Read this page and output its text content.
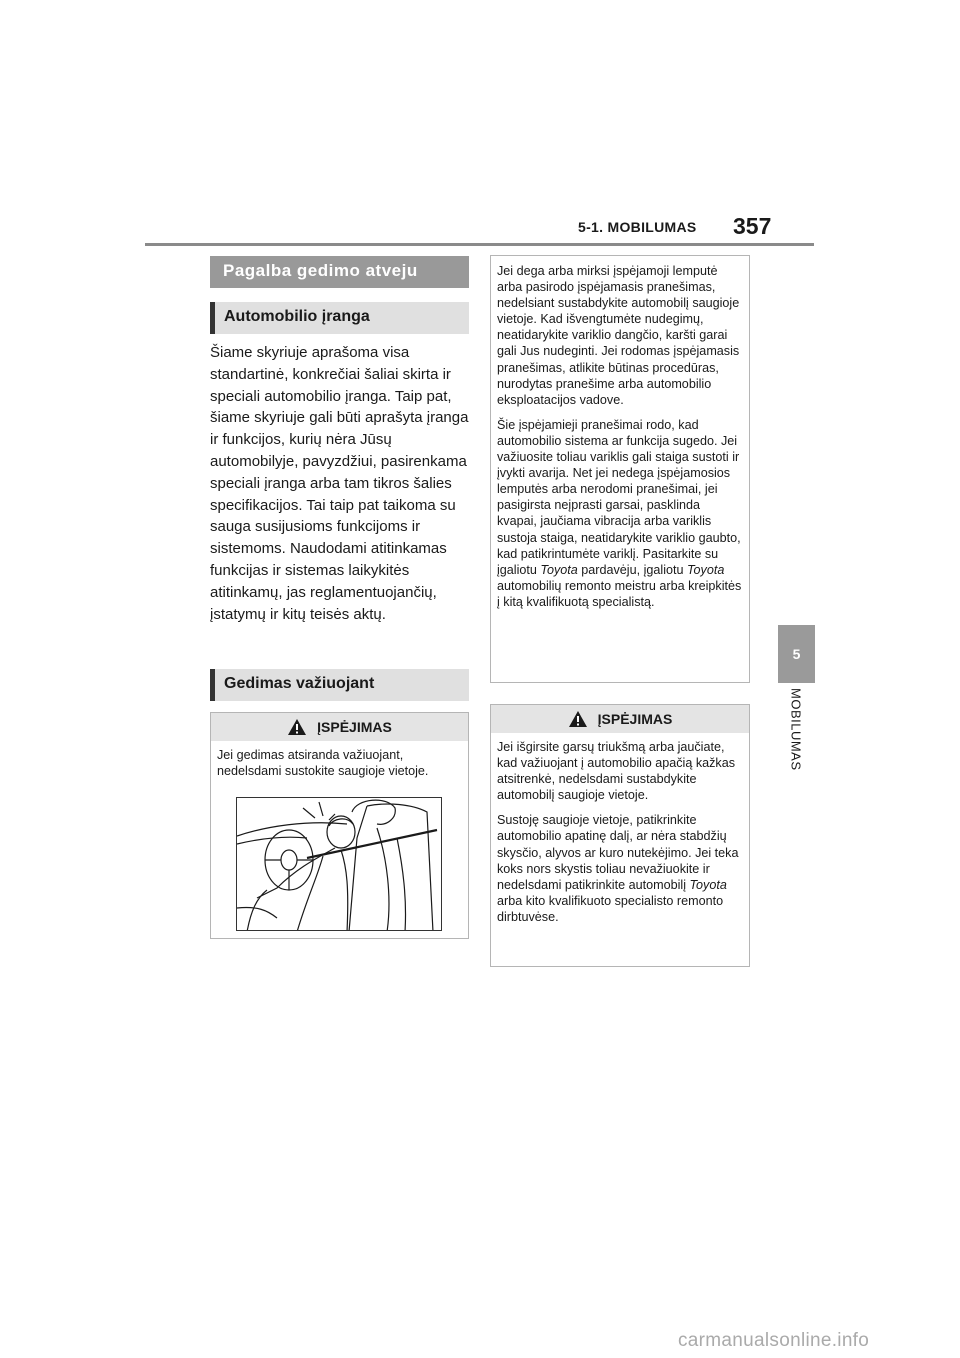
5-1. MOBILUMAS 357
5
MOBILUMAS
Pagalba gedimo atveju
Automobilio įranga
Šiame skyriuje aprašoma visa standartinė, konkrečiai šaliai skirta ir speciali automobilio įranga. Taip pat, šiame skyriuje gali būti aprašyta įranga ir funkcijos, kurių nėra Jūsų automobilyje, pavyzdžiui, pasirenkama speciali įranga arba tam tikros šalies specifikacijos. Tai taip pat taikoma su sauga susijusioms funkcijoms ir sistemoms. Naudodami atitinkamas funkcijas ir sistemas laikykitės atitinkamų, jas reglamentuojančių, įstatymų ir kitų teisės aktų.
Gedimas važiuojant
ĮSPĖJIMAS

Jei gedimas atsiranda važiuojant, nedelsdami sustokite saugioje vietoje.

Jei dega arba mirksi įspėjamoji lemputė arba pasirodo įspėjamasis pranešimas, nedelsiant sustabdykite automobilį saugioje vietoje. Kad išvengtumėte nudegimų, neatidarykite variklio dangčio, karšti garai gali Jus nudeginti. Jei rodomas įspėjamasis pranešimas, atlikite būtinas procedūras, nurodytas pranešime arba automobilio eksploatacijos vadove.

Šie įspėjamieji pranešimai rodo, kad automobilio sistema ar funkcija sugedo. Jei važiuosite toliau variklis gali staiga sustoti ir įvykti avarija. Net jei nedega įspėjamosios lemputės arba nerodomi pranešimai, jei pasigirsta neįprasti garsai, pasklinda kvapai, jaučiama vibracija arba variklis sustoja staiga, neatidarykite variklio gaubto, kad patikrintumėte variklį. Pasitarkite su įgaliotu Toyota pardavėju, įgaliotu Toyota automobilių remonto meistru arba kreipkitės į kitą kvalifikuotą specialistą.

ĮSPĖJIMAS

Jei išgirsite garsų triukšmą arba jaučiate, kad važiuojant į automobilio apačią kažkas atsitrenkė, nedelsdami sustabdykite automobilį saugioje vietoje.

Sustoję saugioje vietoje, patikrinkite automobilio apatinę dalį, ar nėra stabdžių skysčio, alyvos ar kuro nutekėjimo. Jei teka koks nors skystis toliau nevažiuokite ir nedelsdami patikrinkite automobilį Toyota arba kito kvalifikuoto specialisto remonto dirbtuvėse.

carmanualsonline.info
